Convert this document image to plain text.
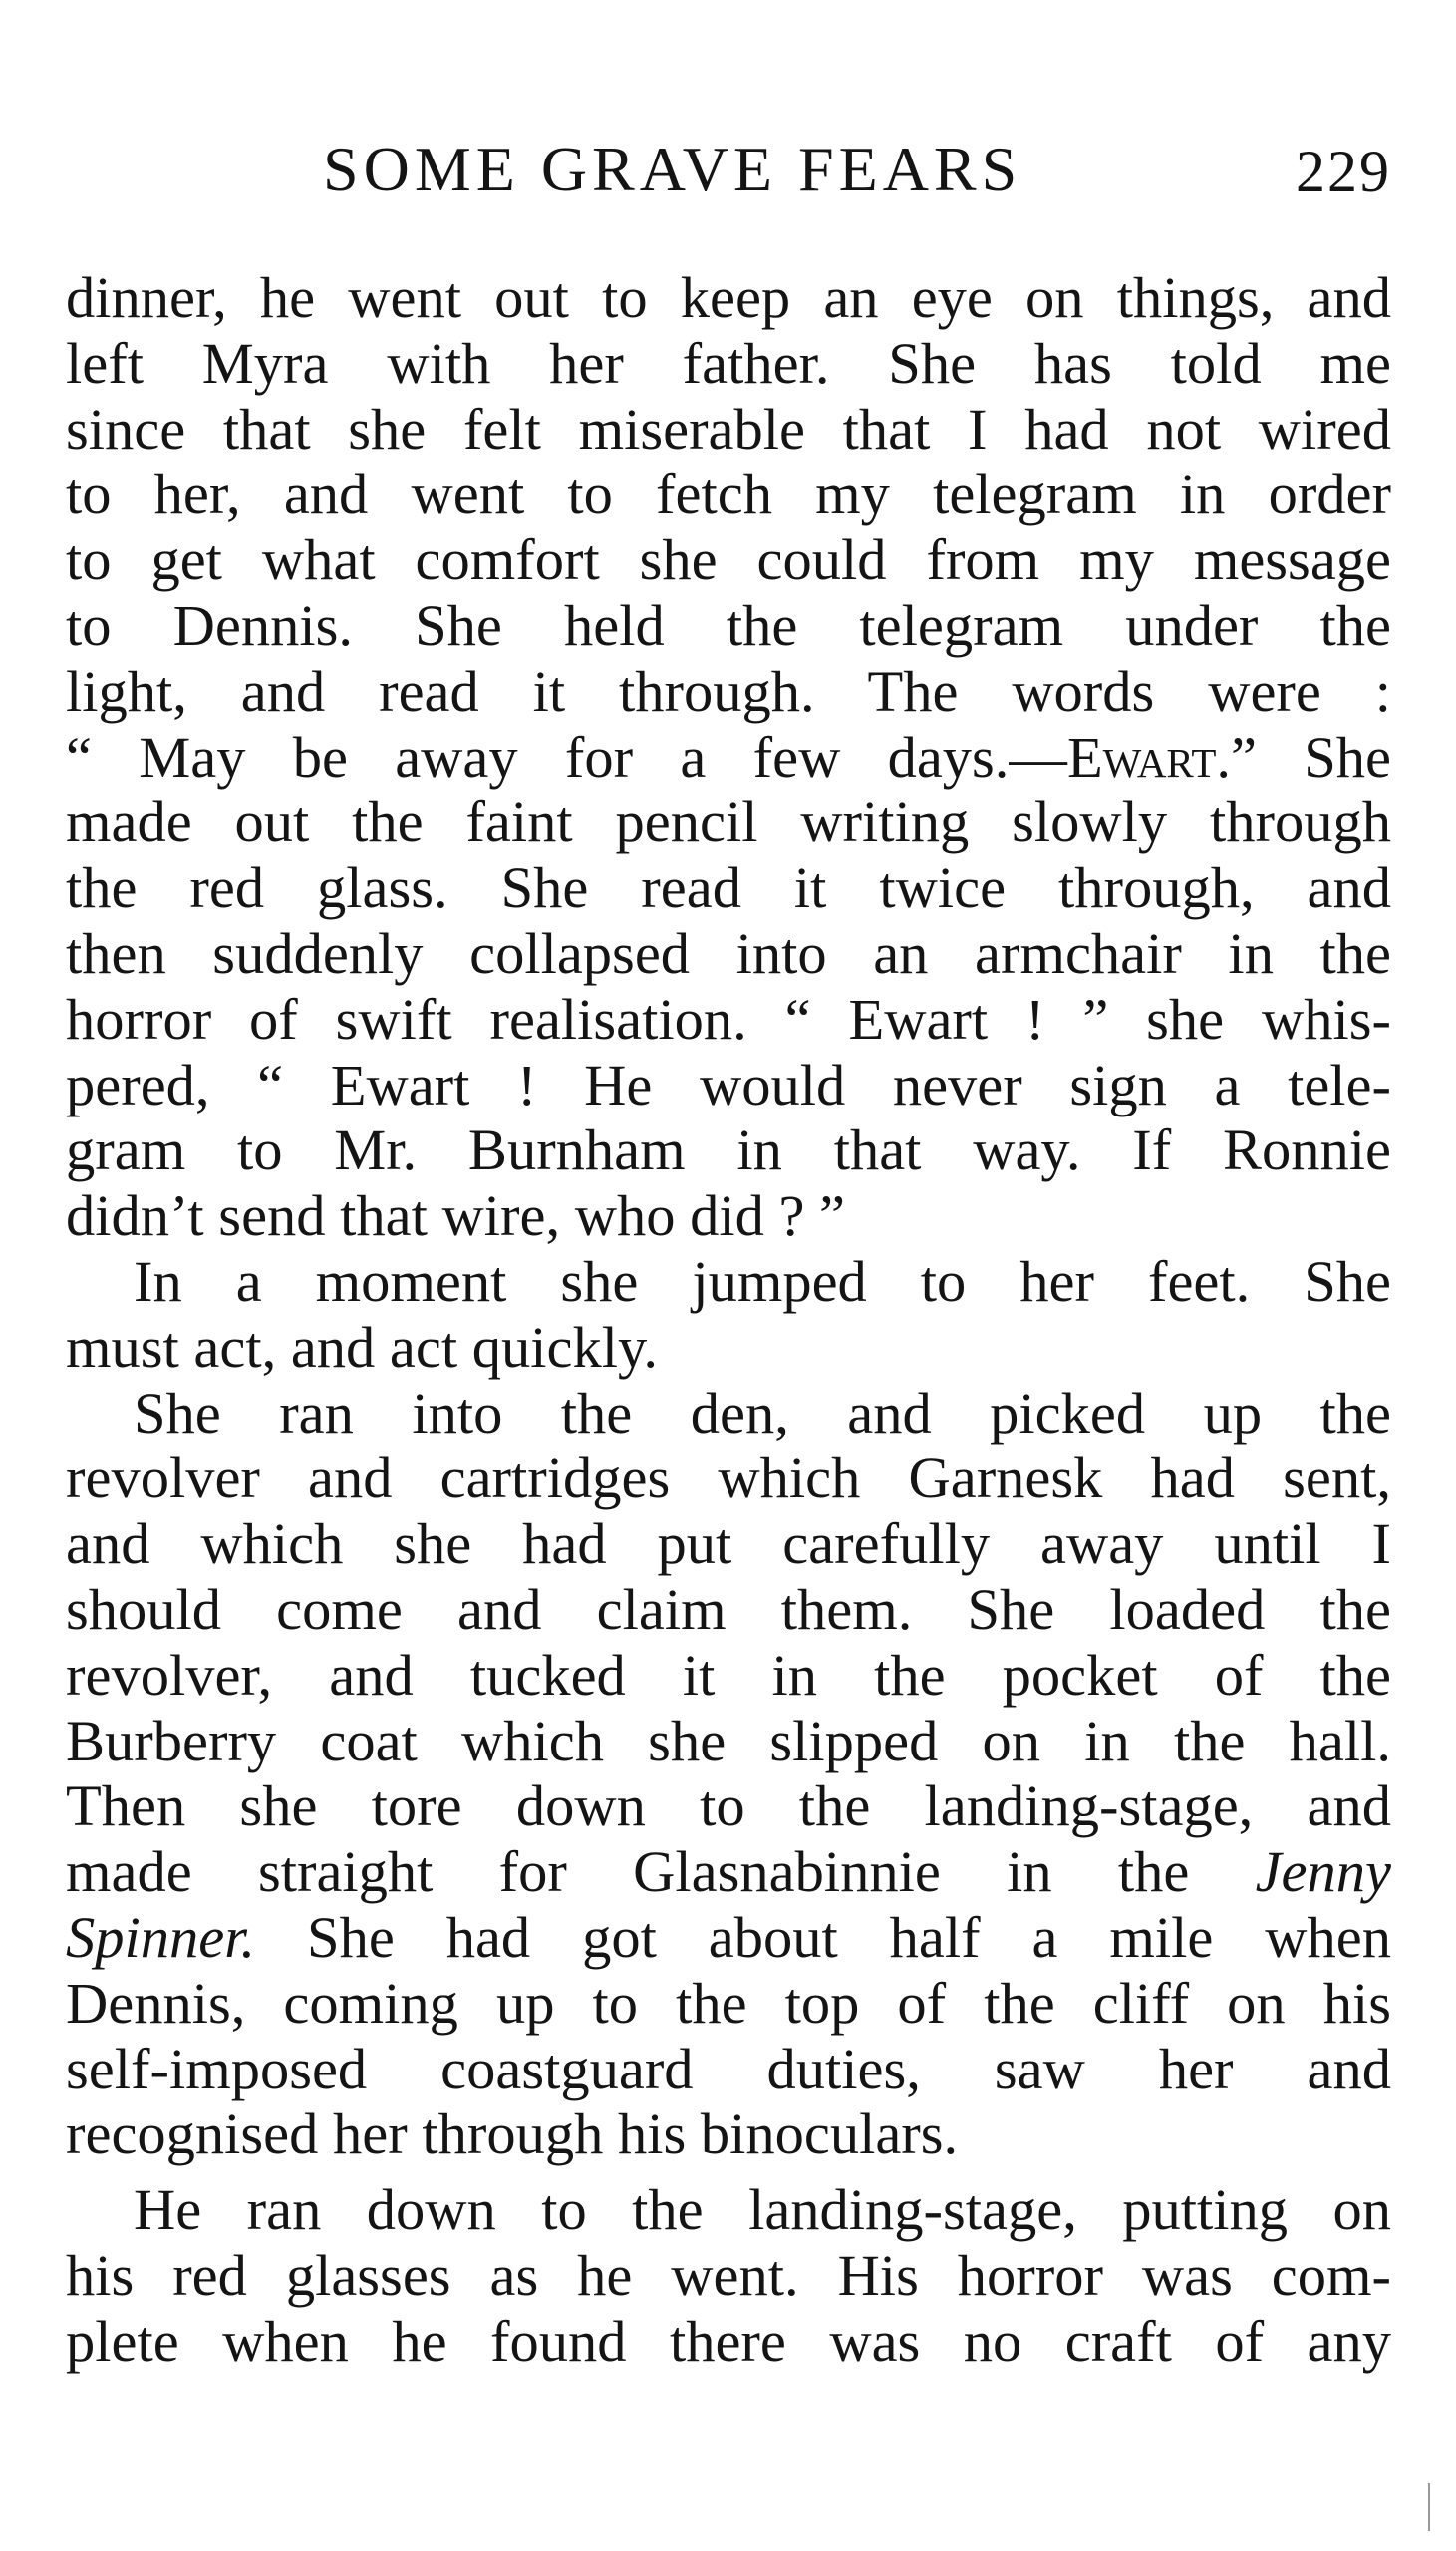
SOME GRAVE FEARS	229
dinner, he went out to keep an eye on things, and
left Myra with her father. She has told me
since that she felt miserable that I had not wired
to her, and went to fetch my telegram in order
to get what comfort she could from my message
to Dennis. She held the telegram under the
light, and read it through. The words were :
“ May be away for a few days.—Ewart.” She
made out the faint pencil writing slowly through
the red glass. She read it twice through, and
then suddenly collapsed into an armchair in the
horror of swift realisation. “ Ewart ! ” she whis-
pered, “ Ewart ! He would never sign a tele-
gram to Mr. Burnham in that way. If Ronnie
didn’t send that wire, who did ? ”
In a moment she jumped to her feet. She
must act, and act quickly.
She ran into the den, and picked up the
revolver and cartridges which Garnesk had sent,
and which she had put carefully away until I
should come and claim them. She loaded the
revolver, and tucked it in the pocket of the
Burberry coat which she slipped on in the hall.
Then she tore down to the landing-stage, and
made straight for Glasnabinnie in the Jenny
Spinner. She had got about half a mile when
Dennis, coming up to the top of the cliff on his
self-imposed coastguard duties, saw her and
recognised her through his binoculars.
He ran down to the landing-stage, putting on
his red glasses as he went. His horror was com-
plete when he found there was no craft of any
